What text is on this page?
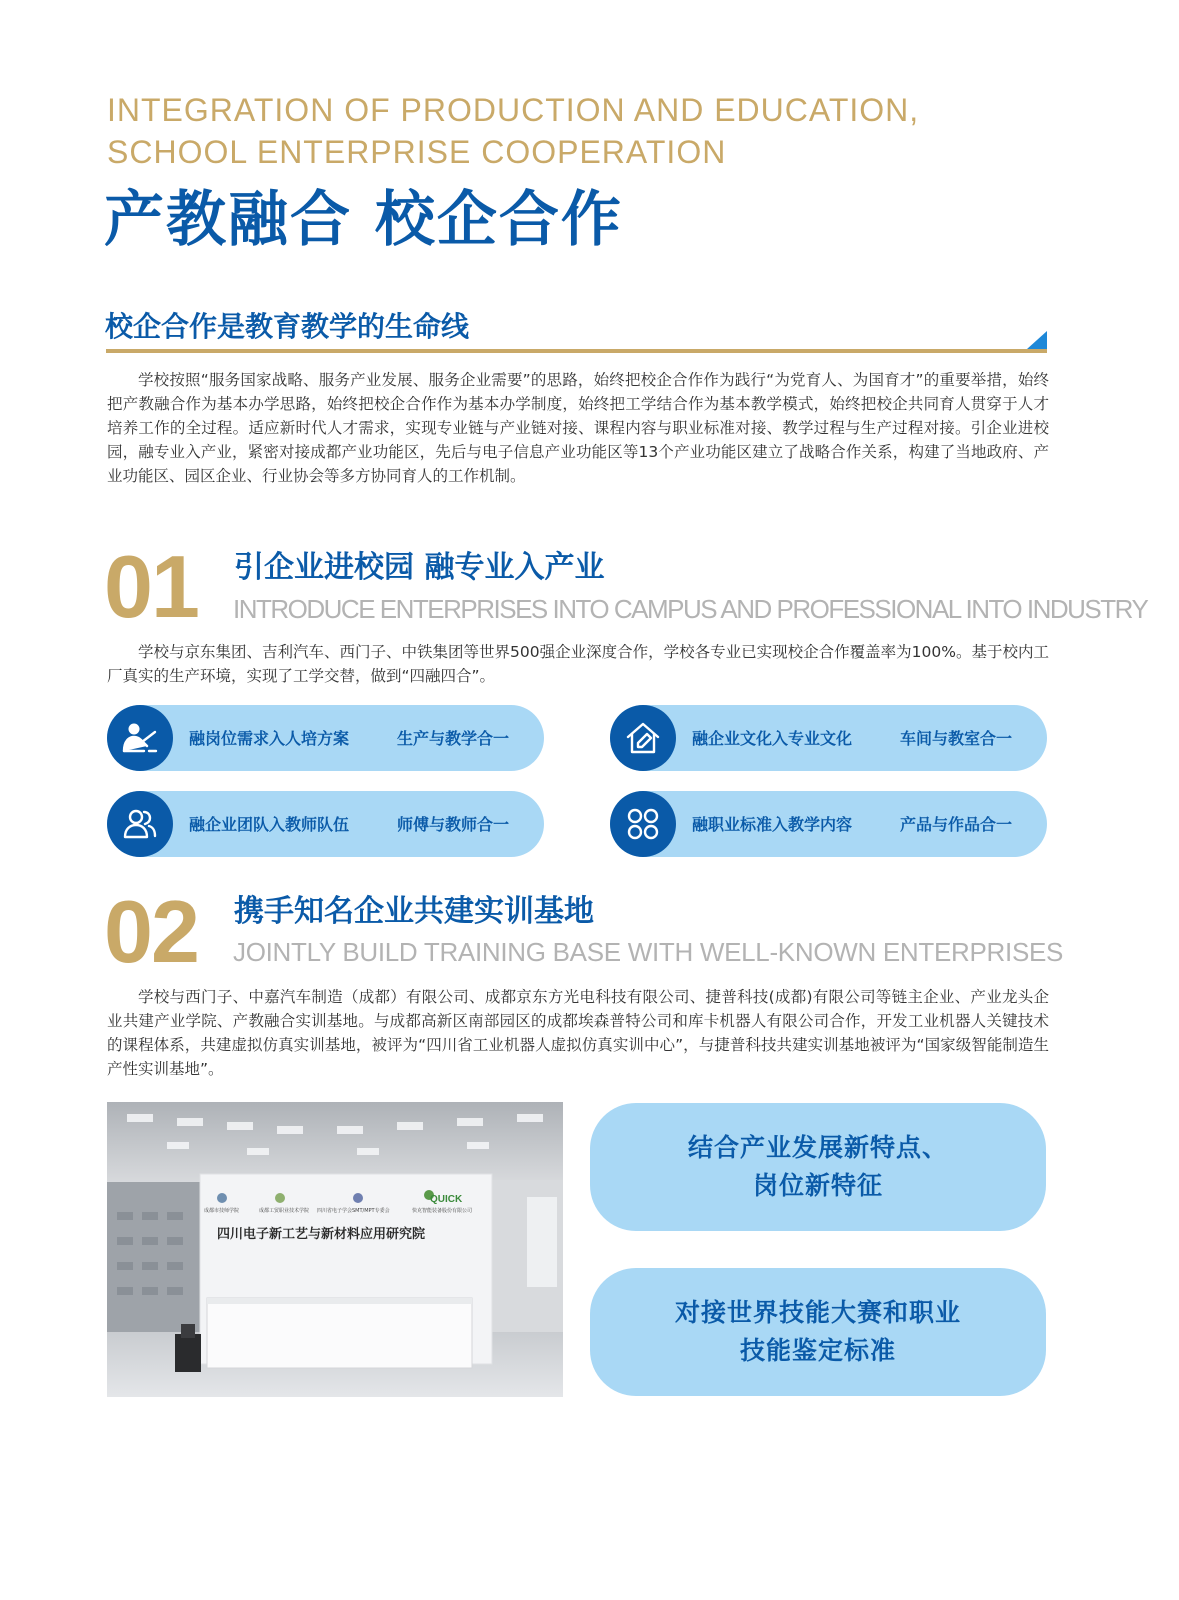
INTEGRATION OF PRODUCTION AND EDUCATION,
SCHOOL ENTERPRISE COOPERATION
产教融合 校企合作
校企合作是教育教学的生命线

学校按照“服务国家战略、服务产业发展、服务企业需要”的思路，始终把校企合作作为践行“为党育人、为国育才”的重要举措，始终把产教融合作为基本办学思路，始终把校企合作作为基本办学制度，始终把工学结合作为基本教学模式，始终把校企共同育人贯穿于人才培养工作的全过程。适应新时代人才需求，实现专业链与产业链对接、课程内容与职业标准对接、教学过程与生产过程对接。引企业进校园，融专业入产业，紧密对接成都产业功能区，先后与电子信息产业功能区等13个产业功能区建立了战略合作关系，构建了当地政府、产业功能区、园区企业、行业协会等多方协同育人的工作机制。

01 引企业进校园 融专业入产业
INTRODUCE ENTERPRISES INTO CAMPUS AND PROFESSIONAL INTO INDUSTRY

学校与京东集团、吉利汽车、西门子、中铁集团等世界500强企业深度合作，学校各专业已实现校企合作覆盖率为100%。基于校内工厂真实的生产环境，实现了工学交替，做到“四融四合”。

融岗位需求入人培方案	生产与教学合一	融企业文化入专业文化	车间与教室合一
融企业团队入教师队伍	师傅与教师合一	融职业标准入教学内容	产品与作品合一
02 携手知名企业共建实训基地
JOINTLY BUILD TRAINING BASE WITH WELL-KNOWN ENTERPRISES

学校与西门子、中嘉汽车制造（成都）有限公司、成都京东方光电科技有限公司、捷普科技(成都)有限公司等链主企业、产业龙头企业共建产业学院、产教融合实训基地。与成都高新区南部园区的成都埃森普特公司和库卡机器人有限公司合作，开发工业机器人关键技术的课程体系，共建虚拟仿真实训基地，被评为“四川省工业机器人虚拟仿真实训中心”，与捷普科技共建实训基地被评为“国家级智能制造生产性实训基地”。

QUICK
成都市技师学院	成都工贸职业技术学院 四川省电子学会SMT/MPT专委会	快克智能装备股份有限公司
四川电子新工艺与新材料应用研究院
结合产业发展新特点、
岗位新特征
对接世界技能大赛和职业
技能鉴定标准
